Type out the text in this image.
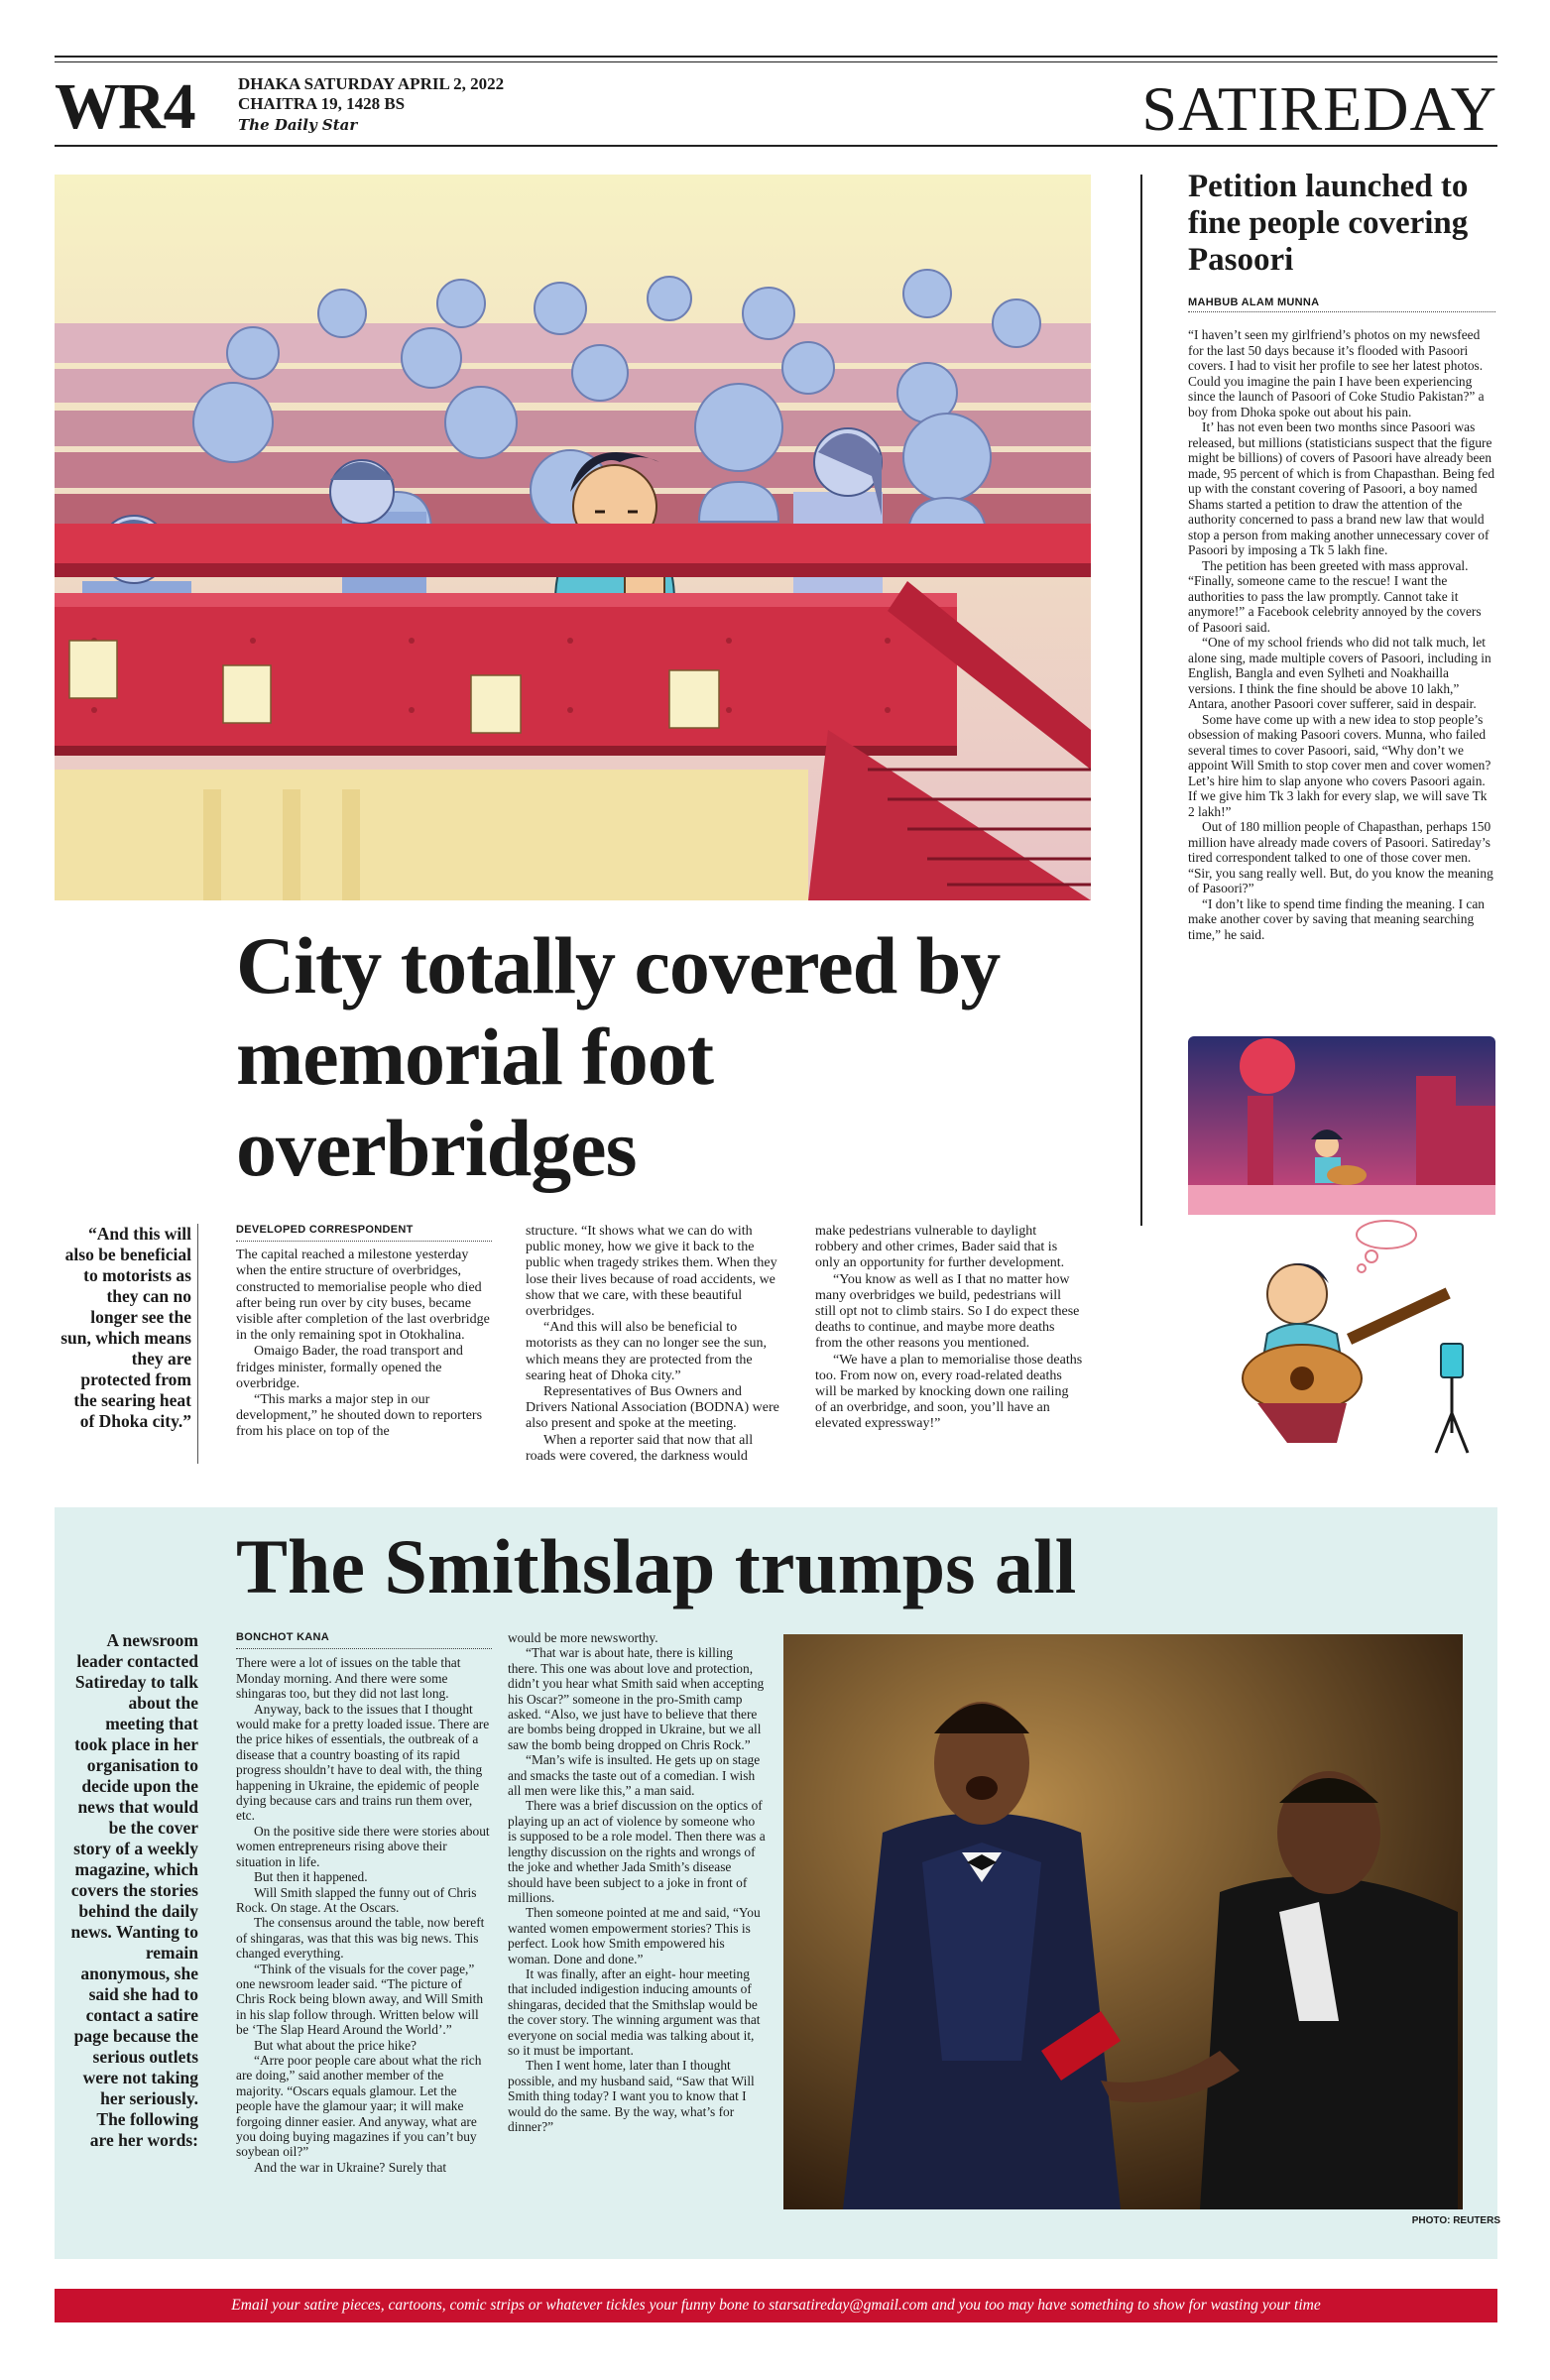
WR4	DHAKA SATURDAY APRIL 2, 2022
CHAITRA 19, 1428 BS
The Daily Star	SATIREDAY
City totally covered by memorial foot overbridges
“And this will also be beneficial to motorists as they can no longer see the sun, which means they are protected from the searing heat of Dhoka city.”
DEVELOPED CORRESPONDENT

The capital reached a milestone yesterday when the entire structure of overbridges, constructed to memorialise people who died after being run over by city buses, became visible after completion of the last overbridge in the only remaining spot in Otokhalina.

Omaigo Bader, the road transport and fridges minister, formally opened the overbridge.

“This marks a major step in our development,” he shouted down to reporters from his place on top of the

structure. “It shows what we can do with public money, how we give it back to the public when tragedy strikes them. When they lose their lives because of road accidents, we show that we care, with these beautiful overbridges.

“And this will also be beneficial to motorists as they can no longer see the sun, which means they are protected from the searing heat of Dhoka city.”

Representatives of Bus Owners and Drivers National Association (BODNA) were also present and spoke at the meeting.

When a reporter said that now that all roads were covered, the darkness would

make pedestrians vulnerable to daylight robbery and other crimes, Bader said that is only an opportunity for further development.

“You know as well as I that no matter how many overbridges we build, pedestrians will still opt not to climb stairs. So I do expect these deaths to continue, and maybe more deaths from the other reasons you mentioned.

“We have a plan to memorialise those deaths too. From now on, every road-related deaths will be marked by knocking down one railing of an overbridge, and soon, you’ll have an elevated expressway!”

Petition launched to fine people covering Pasoori
MAHBUB ALAM MUNNA

“I haven’t seen my girlfriend’s photos on my newsfeed for the last 50 days because it’s flooded with Pasoori covers. I had to visit her profile to see her latest photos. Could you imagine the pain I have been experiencing since the launch of Pasoori of Coke Studio Pakistan?” a boy from Dhoka spoke out about his pain.

It’ has not even been two months since Pasoori was released, but millions (statisticians suspect that the figure might be billions) of covers of Pasoori have already been made, 95 percent of which is from Chapasthan. Being fed up with the constant covering of Pasoori, a boy named Shams started a petition to draw the attention of the authority concerned to pass a brand new law that would stop a person from making another unnecessary cover of Pasoori by imposing a Tk 5 lakh fine.

The petition has been greeted with mass approval. “Finally, someone came to the rescue! I want the authorities to pass the law promptly. Cannot take it anymore!” a Facebook celebrity annoyed by the covers of Pasoori said.

“One of my school friends who did not talk much, let alone sing, made multiple covers of Pasoori, including in English, Bangla and even Sylheti and Noakhailla versions. I think the fine should be above 10 lakh,” Antara, another Pasoori cover sufferer, said in despair.

Some have come up with a new idea to stop people’s obsession of making Pasoori covers. Munna, who failed several times to cover Pasoori, said, “Why don’t we appoint Will Smith to stop cover men and cover women? Let’s hire him to slap anyone who covers Pasoori again. If we give him Tk 3 lakh for every slap, we will save Tk 2 lakh!”

Out of 180 million people of Chapasthan, perhaps 150 million have already made covers of Pasoori. Satireday’s tired correspondent talked to one of those cover men. “Sir, you sang really well. But, do you know the meaning of Pasoori?”

“I don’t like to spend time finding the meaning. I can make another cover by saving that meaning searching time,” he said.

The Smithslap trumps all
A newsroom leader contacted Satireday to talk about the meeting that took place in her organisation to decide upon the news that would be the cover story of a weekly magazine, which covers the stories behind the daily news. Wanting to remain anonymous, she said she had to contact a satire page because the serious outlets were not taking her seriously. The following are her words:
BONCHOT KANA

There were a lot of issues on the table that Monday morning. And there were some shingaras too, but they did not last long.

Anyway, back to the issues that I thought would make for a pretty loaded issue. There are the price hikes of essentials, the outbreak of a disease that a country boasting of its rapid progress shouldn’t have to deal with, the thing happening in Ukraine, the epidemic of people dying because cars and trains run them over, etc.

On the positive side there were stories about women entrepreneurs rising above their situation in life.

But then it happened.

Will Smith slapped the funny out of Chris Rock. On stage. At the Oscars.

The consensus around the table, now bereft of shingaras, was that this was big news. This changed everything.

“Think of the visuals for the cover page,” one newsroom leader said. “The picture of Chris Rock being blown away, and Will Smith in his slap follow through. Written below will be ‘The Slap Heard Around the World’.”

But what about the price hike?

“Arre poor people care about what the rich are doing,” said another member of the majority. “Oscars equals glamour. Let the people have the glamour yaar; it will make forgoing dinner easier. And anyway, what are you doing buying magazines if you can’t buy soybean oil?”

And the war in Ukraine? Surely that

would be more newsworthy.

“That war is about hate, there is killing there. This one was about love and protection, didn’t you hear what Smith said when accepting his Oscar?” someone in the pro-Smith camp asked. “Also, we just have to believe that there are bombs being dropped in Ukraine, but we all saw the bomb being dropped on Chris Rock.”

“Man’s wife is insulted. He gets up on stage and smacks the taste out of a comedian. I wish all men were like this,” a man said.

There was a brief discussion on the optics of playing up an act of violence by someone who is supposed to be a role model. Then there was a lengthy discussion on the rights and wrongs of the joke and whether Jada Smith’s disease should have been subject to a joke in front of millions.

Then someone pointed at me and said, “You wanted women empowerment stories? This is perfect. Look how Smith empowered his woman. Done and done.”

It was finally, after an eight- hour meeting that included indigestion inducing amounts of shingaras, decided that the Smithslap would be the cover story. The winning argument was that everyone on social media was talking about it, so it must be important.

Then I went home, later than I thought possible, and my husband said, “Saw that Will Smith thing today? I want you to know that I would do the same. By the way, what’s for dinner?”

PHOTO: REUTERS
Email your satire pieces, cartoons, comic strips or whatever tickles your funny bone to starsatireday@gmail.com and you too may have something to show for wasting your time
